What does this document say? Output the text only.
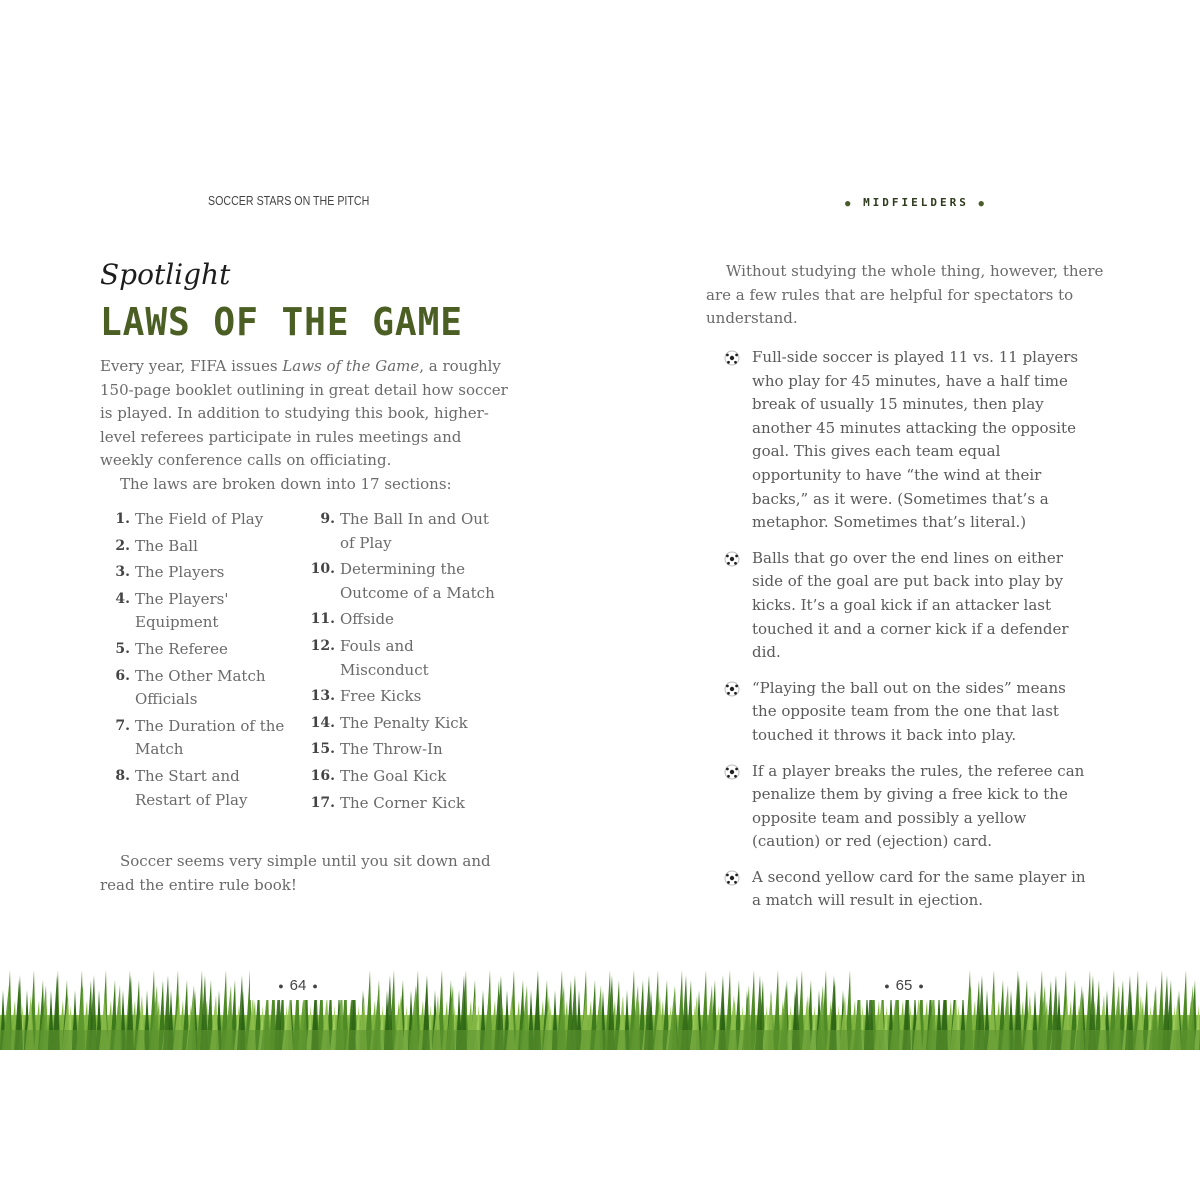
SOCCER STARS ON THE PITCH
Spotlight
LAWS OF THE GAME

Every year, FIFA issues Laws of the Game, a roughly 150-page booklet outlining in great detail how soccer is played. In addition to studying this book, higher-level referees participate in rules meetings and weekly conference calls on officiating.

The laws are broken down into 17 sections:

1. The Field of Play
2. The Ball
3. The Players
4. The Players' Equipment
5. The Referee
6. The Other Match Officials
7. The Duration of the Match
8. The Start and Restart of Play
9. The Ball In and Out of Play
10. Determining the Outcome of a Match
11. Offside
12. Fouls and Misconduct
13. Free Kicks
14. The Penalty Kick
15. The Throw-In
16. The Goal Kick
17. The Corner Kick

Soccer seems very simple until you sit down and read the entire rule book!

● MIDFIELDERS ●

Without studying the whole thing, however, there are a few rules that are helpful for spectators to understand.

Full-side soccer is played 11 vs. 11 players who play for 45 minutes, have a half time break of usually 15 minutes, then play another 45 minutes attacking the opposite goal. This gives each team equal opportunity to have “the wind at their backs,” as it were. (Sometimes that’s a metaphor. Sometimes that’s literal.)
Balls that go over the end lines on either side of the goal are put back into play by kicks. It’s a goal kick if an attacker last touched it and a corner kick if a defender did.
“Playing the ball out on the sides” means the opposite team from the one that last touched it throws it back into play.
If a player breaks the rules, the referee can penalize them by giving a free kick to the opposite team and possibly a yellow (caution) or red (ejection) card.
A second yellow card for the same player in a match will result in ejection.
● 64 ●	● 65 ●
